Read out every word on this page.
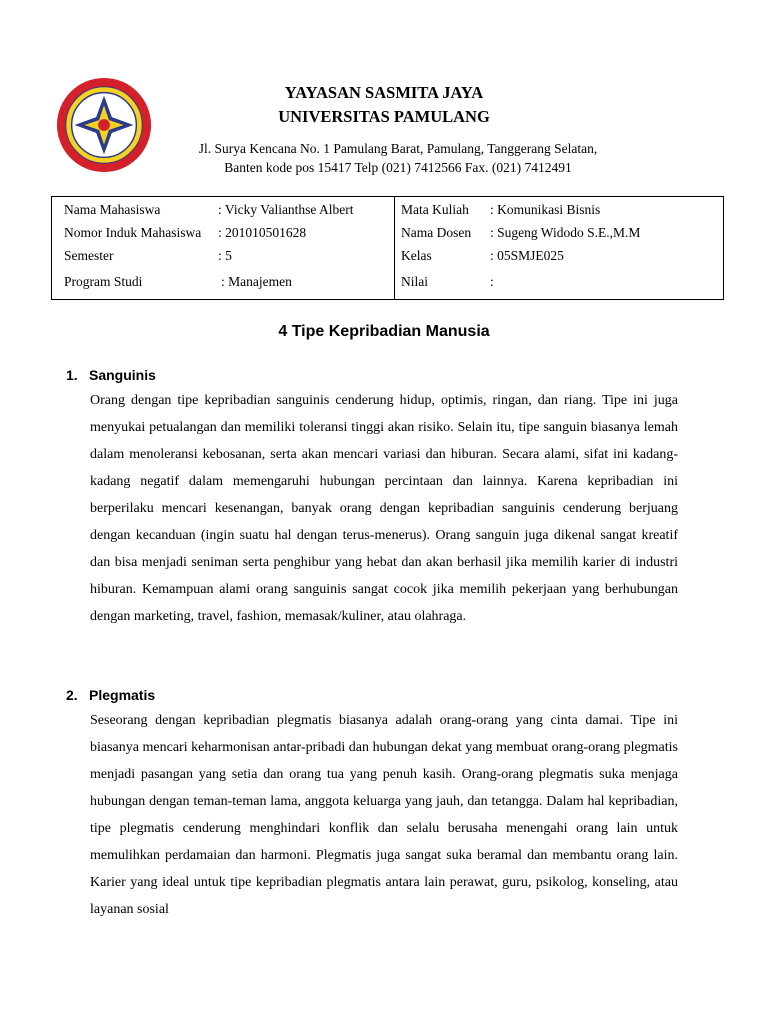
YAYASAN SASMITA JAYA
UNIVERSITAS PAMULANG
Jl. Surya Kencana No. 1 Pamulang Barat, Pamulang, Tanggerang Selatan,
Banten kode pos 15417 Telp (021) 7412566 Fax. (021) 7412491
Nama Mahasiswa	: Vicky Valianthse Albert
Nomor Induk Mahasiswa : 201010501628
Semester	: 5
Program Studi	: Manajemen
Mata Kuliah : Komunikasi Bisnis
Nama Dosen : Sugeng Widodo S.E.,M.M
Kelas	: 05SMJE025
Nilai	:
4 Tipe Kepribadian Manusia
1. Sanguinis
Orang dengan tipe kepribadian sanguinis cenderung hidup, optimis, ringan, dan riang. Tipe ini juga menyukai petualangan dan memiliki toleransi tinggi akan risiko. Selain itu, tipe sanguin biasanya lemah dalam menoleransi kebosanan, serta akan mencari variasi dan hiburan. Secara alami, sifat ini kadang-kadang negatif dalam memengaruhi hubungan percintaan dan lainnya. Karena kepribadian ini berperilaku mencari kesenangan, banyak orang dengan kepribadian sanguinis cenderung berjuang dengan kecanduan (ingin suatu hal dengan terus-menerus). Orang sanguin juga dikenal sangat kreatif dan bisa menjadi seniman serta penghibur yang hebat dan akan berhasil jika memilih karier di industri hiburan. Kemampuan alami orang sanguinis sangat cocok jika memilih pekerjaan yang berhubungan dengan marketing, travel, fashion, memasak/kuliner, atau olahraga.
2. Plegmatis
Seseorang dengan kepribadian plegmatis biasanya adalah orang-orang yang cinta damai. Tipe ini biasanya mencari keharmonisan antar-pribadi dan hubungan dekat yang membuat orang-orang plegmatis menjadi pasangan yang setia dan orang tua yang penuh kasih. Orang-orang plegmatis suka menjaga hubungan dengan teman-teman lama, anggota keluarga yang jauh, dan tetangga. Dalam hal kepribadian, tipe plegmatis cenderung menghindari konflik dan selalu berusaha menengahi orang lain untuk memulihkan perdamaian dan harmoni. Plegmatis juga sangat suka beramal dan membantu orang lain. Karier yang ideal untuk tipe kepribadian plegmatis antara lain perawat, guru, psikolog, konseling, atau layanan sosial
